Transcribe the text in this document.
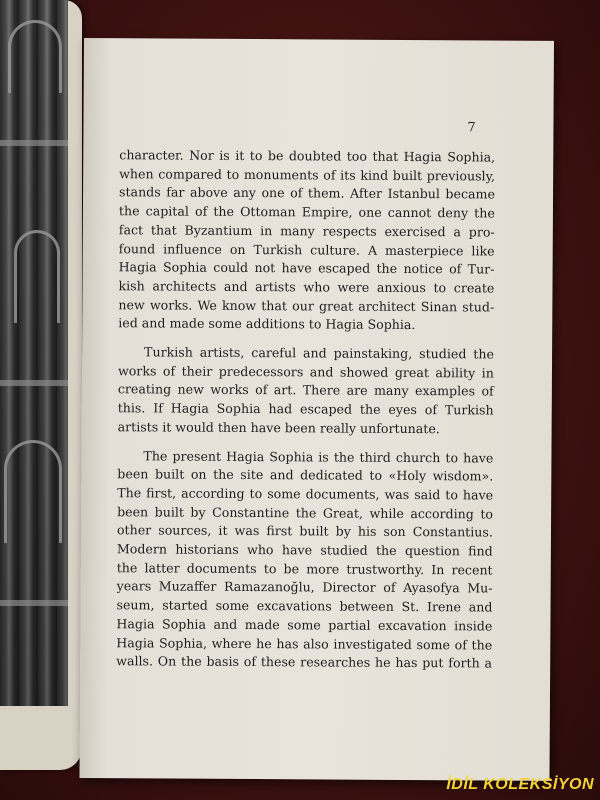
7
character. Nor is it to be doubted too that Hagia Sophia,
when compared to monuments of its kind built previously,
stands far above any one of them. After Istanbul became
the capital of the Ottoman Empire, one cannot deny the
fact that Byzantium in many respects exercised a pro-
found influence on Turkish culture. A masterpiece like
Hagia Sophia could not have escaped the notice of Tur-
kish architects and artists who were anxious to create
new works. We know that our great architect Sinan stud-
ied and made some additions to Hagia Sophia.
Turkish artists, careful and painstaking, studied the
works of their predecessors and showed great ability in
creating new works of art. There are many examples of
this. If Hagia Sophia had escaped the eyes of Turkish
artists it would then have been really unfortunate.
The present Hagia Sophia is the third church to have
been built on the site and dedicated to «Holy wisdom».
The first, according to some documents, was said to have
been built by Constantine the Great, while according to
other sources, it was first built by his son Constantius.
Modern historians who have studied the question find
the latter documents to be more trustworthy. In recent
years Muzaffer Ramazanoğlu, Director of Ayasofya Mu-
seum, started some excavations between St. Irene and
Hagia Sophia and made some partial excavation inside
Hagia Sophia, where he has also investigated some of the
walls. On the basis of these researches he has put forth a
İDİL KOLEKSİYON
